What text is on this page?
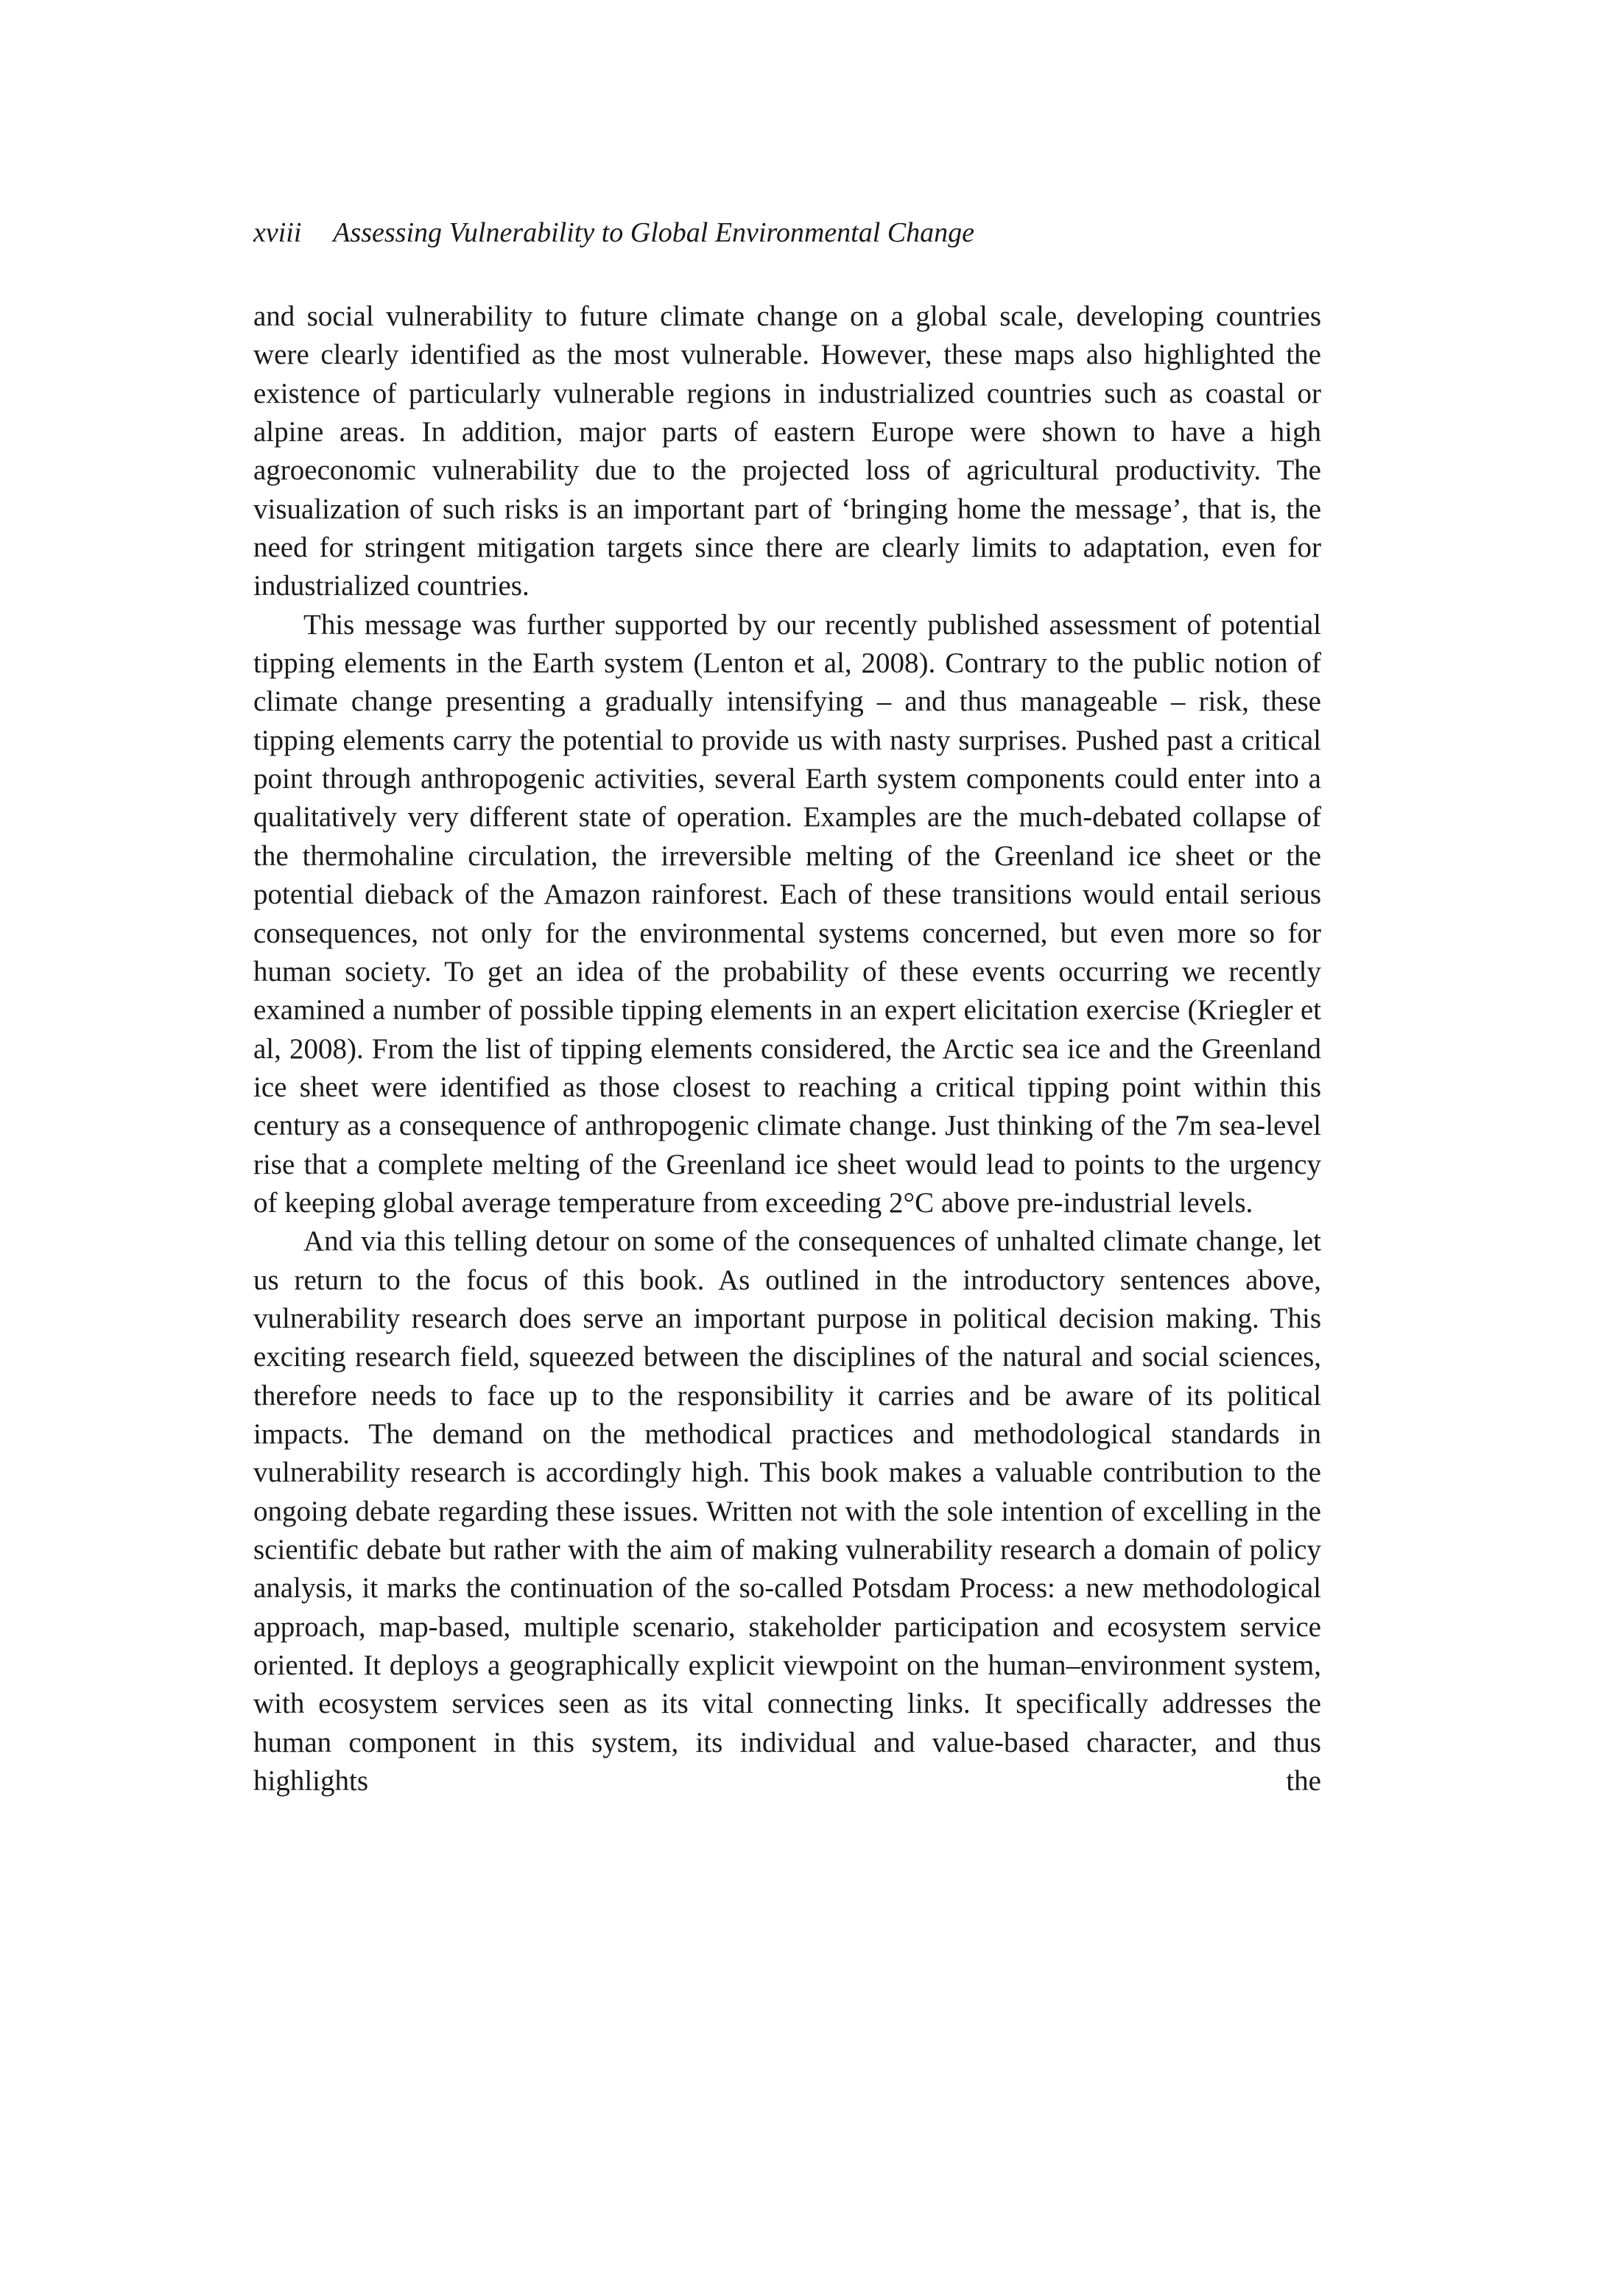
xviii Assessing Vulnerability to Global Environmental Change

and social vulnerability to future climate change on a global scale, developing countries were clearly identified as the most vulnerable. However, these maps also highlighted the existence of particularly vulnerable regions in industrialized countries such as coastal or alpine areas. In addition, major parts of eastern Europe were shown to have a high agroeconomic vulnerability due to the projected loss of agricultural productivity. The visualization of such risks is an important part of ‘bringing home the message’, that is, the need for stringent mitigation targets since there are clearly limits to adaptation, even for industrialized countries.

This message was further supported by our recently published assessment of potential tipping elements in the Earth system (Lenton et al, 2008). Contrary to the public notion of climate change presenting a gradually intensifying – and thus manageable – risk, these tipping elements carry the potential to provide us with nasty surprises. Pushed past a critical point through anthropogenic activities, several Earth system components could enter into a qualitatively very different state of operation. Examples are the much-debated collapse of the thermohaline circulation, the irreversible melting of the Greenland ice sheet or the potential dieback of the Amazon rainforest. Each of these transitions would entail serious consequences, not only for the environmental systems concerned, but even more so for human society. To get an idea of the probability of these events occurring we recently examined a number of possible tipping elements in an expert elicitation exercise (Kriegler et al, 2008). From the list of tipping elements considered, the Arctic sea ice and the Greenland ice sheet were identified as those closest to reaching a critical tipping point within this century as a consequence of anthropogenic climate change. Just thinking of the 7m sea-level rise that a complete melting of the Greenland ice sheet would lead to points to the urgency of keeping global average temperature from exceeding 2°C above pre-industrial levels.

And via this telling detour on some of the consequences of unhalted climate change, let us return to the focus of this book. As outlined in the introductory sentences above, vulnerability research does serve an important purpose in political decision making. This exciting research field, squeezed between the disciplines of the natural and social sciences, therefore needs to face up to the responsibility it carries and be aware of its political impacts. The demand on the methodical practices and methodological standards in vulnerability research is accordingly high. This book makes a valuable contribution to the ongoing debate regarding these issues. Written not with the sole intention of excelling in the scientific debate but rather with the aim of making vulnerability research a domain of policy analysis, it marks the continuation of the so-called Potsdam Process: a new methodological approach, map-based, multiple scenario, stakeholder participation and ecosystem service oriented. It deploys a geographically explicit viewpoint on the human–environment system, with ecosystem services seen as its vital connecting links. It specifically addresses the human component in this system, its individual and value-based character, and thus highlights the
